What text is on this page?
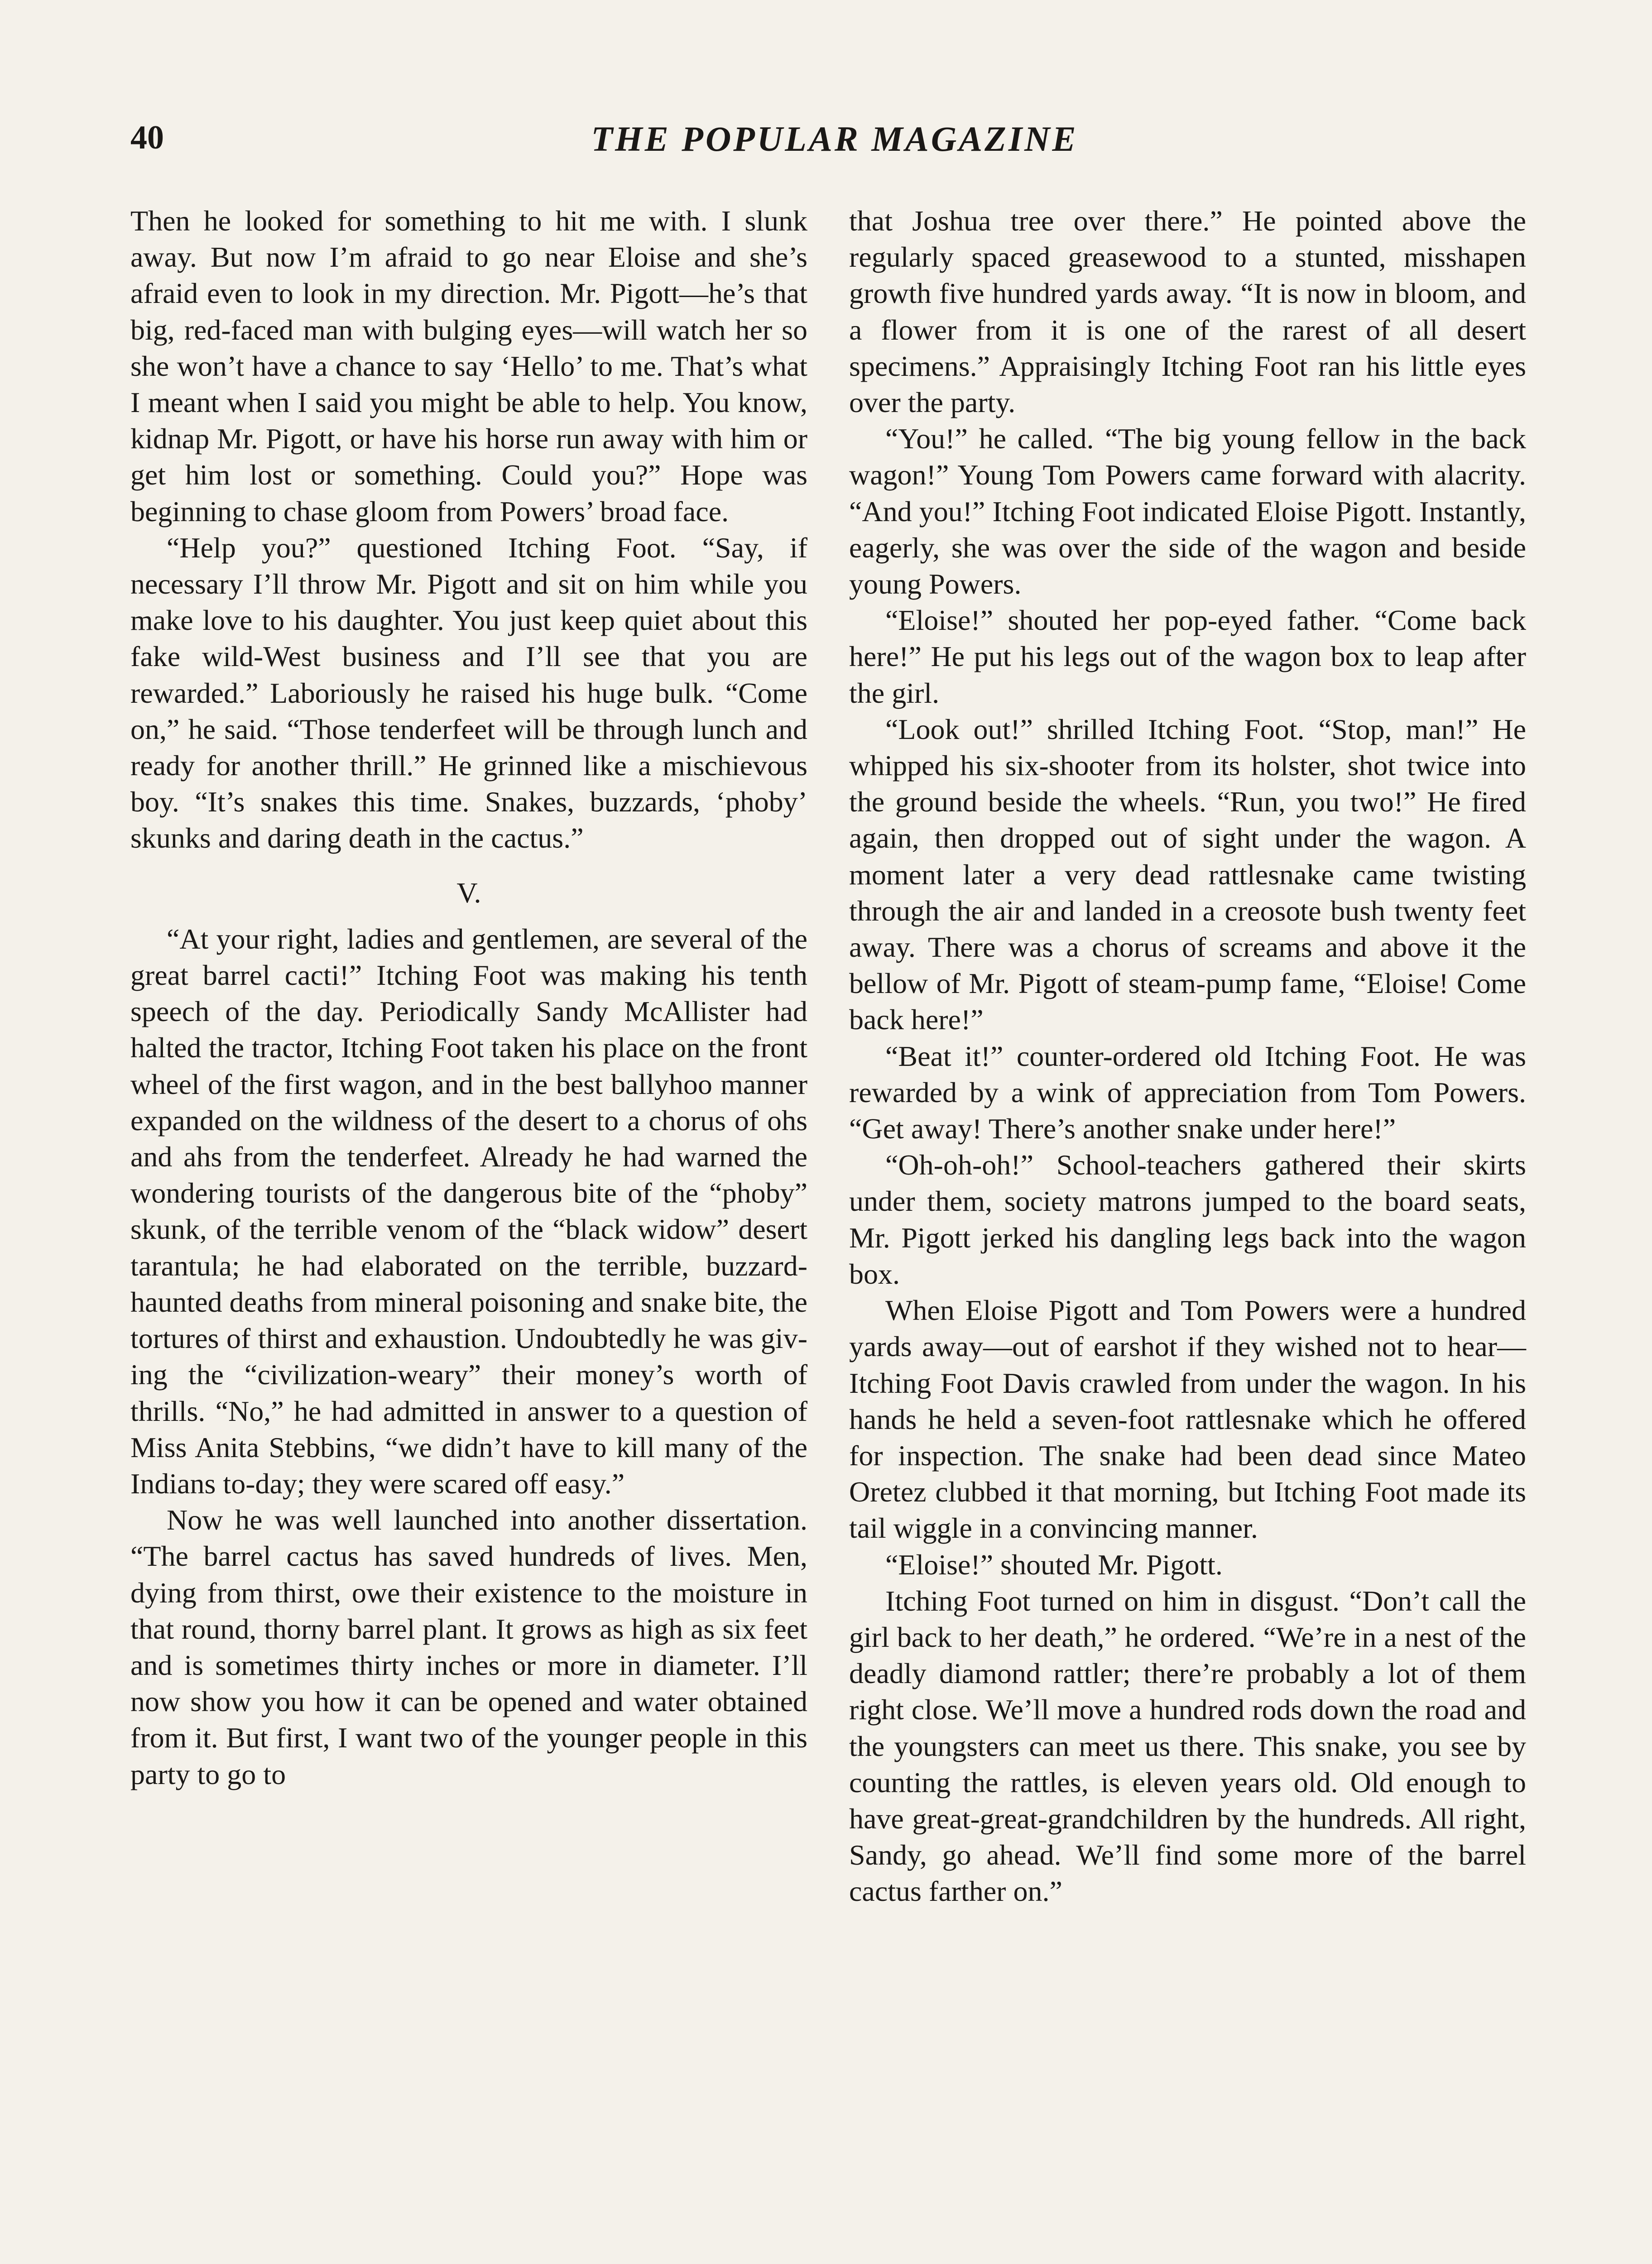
40	THE POPULAR MAGAZINE

Then he looked for something to hit me with. I slunk away. But now I’m afraid to go near Eloise and she’s afraid even to look in my direction. Mr. Pigott—he’s that big, red-faced man with bulging eyes—will watch her so she won’t have a chance to say ‘Hello’ to me. That’s what I meant when I said you might be able to help. You know, kidnap Mr. Pigott, or have his horse run away with him or get him lost or something. Could you?” Hope was beginning to chase gloom from Powers’ broad face.

“Help you?” questioned Itching Foot. “Say, if necessary I’ll throw Mr. Pigott and sit on him while you make love to his daughter. You just keep quiet about this fake wild-West business and I’ll see that you are rewarded.” Laboriously he raised his huge bulk. “Come on,” he said. “Those tenderfeet will be through lunch and ready for another thrill.” He grinned like a mischievous boy. “It’s snakes this time. Snakes, buzzards, ‘phoby’ skunks and daring death in the cactus.”

V.

“At your right, ladies and gentlemen, are several of the great barrel cacti!” Itching Foot was making his tenth speech of the day. Periodically Sandy McAllister had halted the tractor, Itching Foot taken his place on the front wheel of the first wagon, and in the best ballyhoo manner expanded on the wildness of the desert to a chorus of ohs and ahs from the tenderfeet. Already he had warned the wondering tourists of the dangerous bite of the “phoby” skunk, of the terrible venom of the “black widow” desert tarantula; he had elaborated on the terrible, buzzard-haunted deaths from mineral poisoning and snake bite, the tortures of thirst and exhaustion. Undoubtedly he was giving the “civilization-weary” their money’s worth of thrills. “No,” he had admitted in answer to a question of Miss Anita Stebbins, “we didn’t have to kill many of the Indians to-day; they were scared off easy.”

Now he was well launched into another dissertation. “The barrel cactus has saved hundreds of lives. Men, dying from thirst, owe their existence to the moisture in that round, thorny barrel plant. It grows as high as six feet and is sometimes thirty inches or more in diameter. I’ll now show you how it can be opened and water obtained from it. But first, I want two of the younger people in this party to go to

that Joshua tree over there.” He pointed above the regularly spaced greasewood to a stunted, misshapen growth five hundred yards away. “It is now in bloom, and a flower from it is one of the rarest of all desert specimens.” Appraisingly Itching Foot ran his little eyes over the party.

“You!” he called. “The big young fellow in the back wagon!” Young Tom Powers came forward with alacrity. “And you!” Itching Foot indicated Eloise Pigott. Instantly, eagerly, she was over the side of the wagon and beside young Powers.

“Eloise!” shouted her pop-eyed father. “Come back here!” He put his legs out of the wagon box to leap after the girl.

“Look out!” shrilled Itching Foot. “Stop, man!” He whipped his six-shooter from its holster, shot twice into the ground beside the wheels. “Run, you two!” He fired again, then dropped out of sight under the wagon. A moment later a very dead rattlesnake came twisting through the air and landed in a creosote bush twenty feet away. There was a chorus of screams and above it the bellow of Mr. Pigott of steam-pump fame, “Eloise! Come back here!”

“Beat it!” counter-ordered old Itching Foot. He was rewarded by a wink of appreciation from Tom Powers. “Get away! There’s another snake under here!”

“Oh-oh-oh!” School-teachers gathered their skirts under them, society matrons jumped to the board seats, Mr. Pigott jerked his dangling legs back into the wagon box.

When Eloise Pigott and Tom Powers were a hundred yards away—out of earshot if they wished not to hear—Itching Foot Davis crawled from under the wagon. In his hands he held a seven-foot rattlesnake which he offered for inspection. The snake had been dead since Mateo Oretez clubbed it that morning, but Itching Foot made its tail wiggle in a convincing manner.

“Eloise!” shouted Mr. Pigott.

Itching Foot turned on him in disgust. “Don’t call the girl back to her death,” he ordered. “We’re in a nest of the deadly diamond rattler; there’re probably a lot of them right close. We’ll move a hundred rods down the road and the youngsters can meet us there. This snake, you see by counting the rattles, is eleven years old. Old enough to have great-great-grandchildren by the hundreds. All right, Sandy, go ahead. We’ll find some more of the barrel cactus farther on.”
